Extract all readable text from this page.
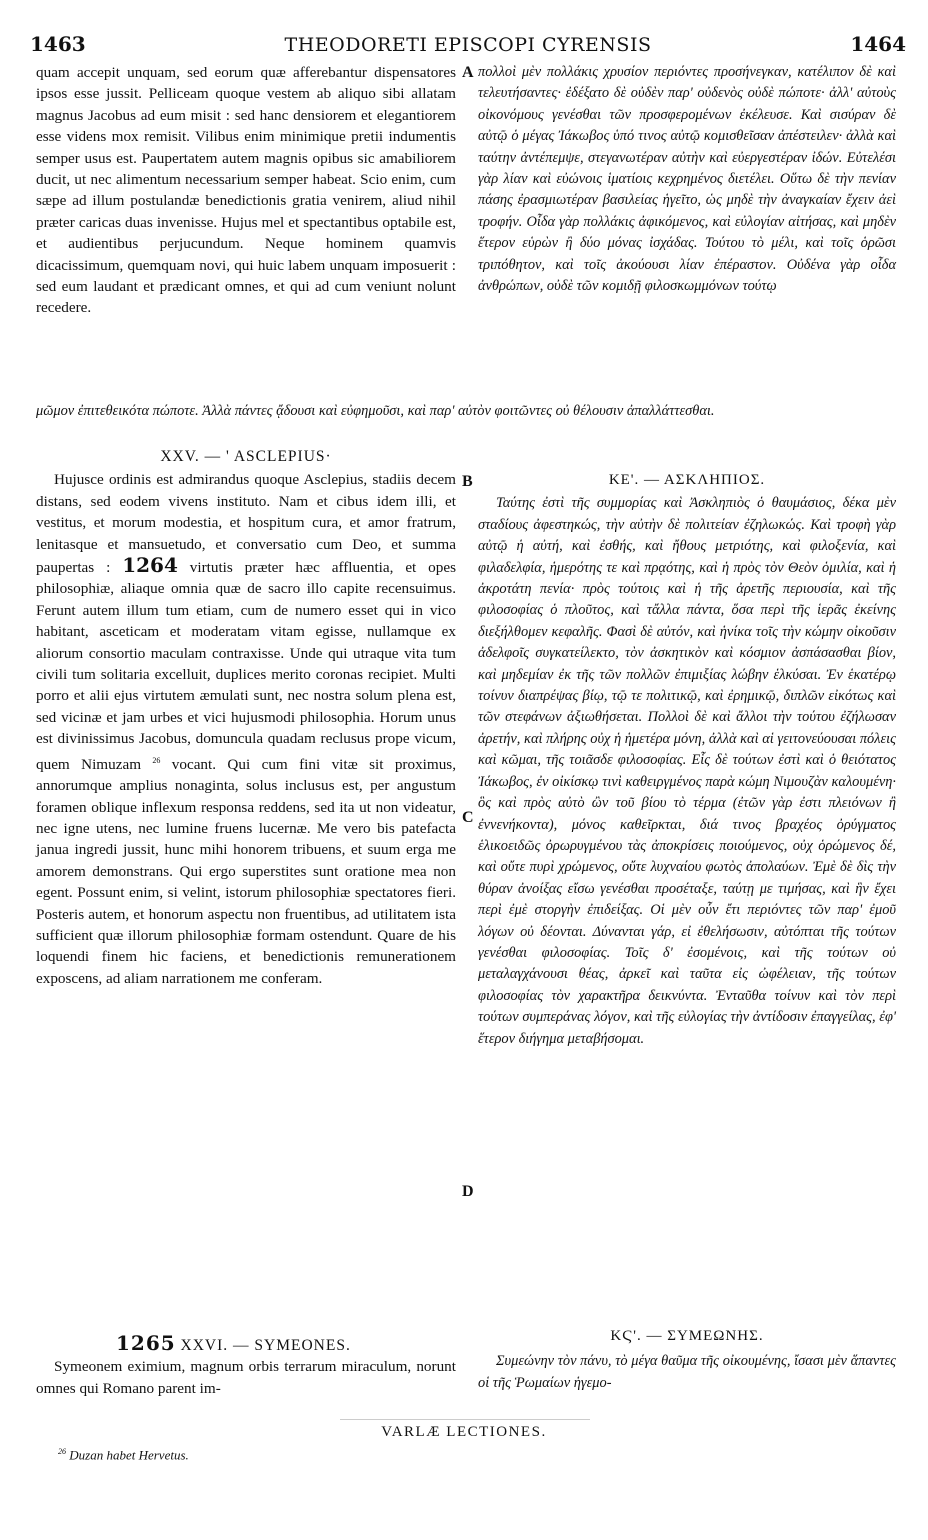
1463	THEODORETI EPISCOPI CYRENSIS	1464

quam accepit unquam, sed eorum quæ afferebantur dispensatores ipsos esse jussit. Pelliceam quoque vestem ab aliquo sibi allatam magnus Jacobus ad eum misit : sed hanc densiorem et elegantiorem esse videns mox remisit. Vilibus enim minimique pretii indumentis semper usus est. Paupertatem autem magnis opibus sic amabiliorem ducit, ut nec alimentum necessarium semper habeat. Scio enim, cum sæpe ad illum postulandæ benedictionis gratia venirem, aliud nihil præter caricas duas invenisse. Hujus mel et spectantibus optabile est, et audientibus perjucundum. Neque hominem quamvis dicacissimum, quemquam novi, qui huic labem unquam imposuerit : sed eum laudant et prædicant omnes, et qui ad cum veniunt nolunt recedere.

A πολλοὶ μὲν πολλάκις χρυσίον περιόντες προσήνεγκαν, κατέλιπον δὲ καὶ τελευτήσαντες· ἐδέξατο δὲ οὐδὲν παρ' οὐδενὸς οὐδὲ πώποτε· ἀλλ' αὐτοὺς οἰκονόμους γενέσθαι τῶν προσφερομένων ἐκέλευσε. Καὶ σισύραν δὲ αὐτῷ ὁ μέγας Ἰάκωβος ὑπό τινος αὐτῷ κομισθεῖσαν ἀπέστειλεν· ἀλλὰ καὶ ταύτην ἀντέπεμψε, στεγανωτέραν αὐτὴν καὶ εὐεργεστέραν ἰδών. Εὐτελέσι γὰρ λίαν καὶ εὐώνοις ἱματίοις κεχρημένος διετέλει. Οὕτω δὲ τὴν πενίαν πάσης ἐρασμιωτέραν βασιλείας ἡγεῖτο, ὡς μηδὲ τὴν ἀναγκαίαν ἔχειν ἀεὶ τροφήν. Οἶδα γὰρ πολλάκις ἀφικόμενος, καὶ εὐλογίαν αἰτήσας, καὶ μηδὲν ἕτερον εὑρὼν ἢ δύο μόνας ἰσχάδας. Τούτου τὸ μέλι, καὶ τοῖς ὁρῶσι τριπόθητον, καὶ τοῖς ἀκούουσι λίαν ἐπέραστον. Οὐδένα γὰρ οἶδα ἀνθρώπων, οὐδὲ τῶν κομιδῇ φιλοσκωμμόνων τούτῳ

μῶμον ἐπιτεθεικότα πώποτε. Ἀλλὰ πάντες ᾄδουσι καὶ εὐφημοῦσι, καὶ παρ' αὐτὸν φοιτῶντες οὐ θέλουσιν ἀπαλλάττεσθαι.
XXV. — ' ASCLEPIUS·

Hujusce ordinis est admirandus quoque Asclepius, stadiis decem distans, sed eodem vivens instituto. Nam et cibus idem illi, et vestitus, et morum modestia, et hospitum cura, et amor fratrum, lenitasque et mansuetudo, et conversatio cum Deo, et summa paupertas : 1264 virtutis præter hæc affluentia, et opes philosophiæ, aliaque omnia quæ de sacro illo capite recensuimus. Ferunt autem illum tum etiam, cum de numero esset qui in vico habitant, asceticam et moderatam vitam egisse, nullamque ex aliorum consortio maculam contraxisse. Unde qui utraque vita tum civili tum solitaria excelluit, duplices merito coronas recipiet. Multi porro et alii ejus virtutem æmulati sunt, nec nostra solum plena est, sed vicinæ et jam urbes et vici hujusmodi philosophia. Horum unus est divinissimus Jacobus, domuncula quadam reclusus prope vicum, quem Nimuzam $^{26}$ vocant. Qui cum fini vitæ sit proximus, annorumque amplius nonaginta, solus inclusus est, per angustum foramen oblique inflexum responsa reddens, sed ita ut non videatur, nec igne utens, nec lumine fruens lucernæ. Me vero bis patefacta janua ingredi jussit, hunc mihi honorem tribuens, et suum erga me amorem demonstrans. Qui ergo superstites sunt oratione mea non egent. Possunt enim, si velint, istorum philosophiæ spectatores fieri. Posteris autem, et honorum aspectu non fruentibus, ad utilitatem ista sufficient quæ illorum philosophiæ formam ostendunt. Quare de his loquendi finem hic faciens, et benedictionis remunerationem exposcens, ad aliam narrationem me conferam.

B
C
D
ΚΕ'. — ΑΣΚΛΗΠΙΟΣ.

Ταύτης ἐστὶ τῆς συμμορίας καὶ Ἀσκληπιὸς ὁ θαυμάσιος, δέκα μὲν σταδίους ἀφεστηκώς, τὴν αὐτὴν δὲ πολιτείαν ἐζηλωκώς. Καὶ τροφὴ γὰρ αὐτῷ ἡ αὐτή, καὶ ἐσθής, καὶ ἤθους μετριότης, καὶ φιλοξενία, καὶ φιλαδελφία, ἡμερότης τε καὶ πρᾳότης, καὶ ἡ πρὸς τὸν Θεὸν ὁμιλία, καὶ ἡ ἀκροτάτη πενία· πρὸς τούτοις καὶ ἡ τῆς ἀρετῆς περιουσία, καὶ τῆς φιλοσοφίας ὁ πλοῦτος, καὶ τἄλλα πάντα, ὅσα περὶ τῆς ἱερᾶς ἐκείνης διεξήλθομεν κεφαλῆς. Φασὶ δὲ αὐτόν, καὶ ἡνίκα τοῖς τὴν κώμην οἰκοῦσιν ἀδελφοῖς συγκατείλεκτο, τὸν ἀσκητικὸν καὶ κόσμιον ἀσπάσασθαι βίον, καὶ μηδεμίαν ἐκ τῆς τῶν πολλῶν ἐπιμιξίας λώβην ἑλκύσαι. Ἐν ἑκατέρῳ τοίνυν διαπρέψας βίῳ, τῷ τε πολιτικῷ, καὶ ἐρημικῷ, διπλῶν εἰκότως καὶ τῶν στεφάνων ἀξιωθήσεται. Πολλοὶ δὲ καὶ ἄλλοι τὴν τούτου ἐζήλωσαν ἀρετήν, καὶ πλήρης οὐχ ἡ ἡμετέρα μόνη, ἀλλὰ καὶ αἱ γειτονεύουσαι πόλεις καὶ κῶμαι, τῆς τοιᾶσδε φιλοσοφίας. Εἷς δὲ τούτων ἐστὶ καὶ ὁ θειότατος Ἰάκωβος, ἐν οἰκίσκῳ τινὶ καθειργμένος παρὰ κώμη Νιμουζὰν καλουμένη· ὃς καὶ πρὸς αὐτὸ ὢν τοῦ βίου τὸ τέρμα (ἐτῶν γὰρ ἐστι πλειόνων ἢ ἐννενήκοντα), μόνος καθεῖρκται, διά τινος βραχέος ὀρύγματος ἑλικοειδῶς ὀρωρυγμένου τὰς ἀποκρίσεις ποιούμενος, οὐχ ὁρώμενος δέ, καὶ οὔτε πυρὶ χρώμενος, οὔτε λυχναίου φωτὸς ἀπολαύων. Ἐμὲ δὲ δὶς τὴν θύραν ἀνοίξας εἴσω γενέσθαι προσέταξε, ταύτῃ με τιμήσας, καὶ ἣν ἔχει περὶ ἐμὲ στοργὴν ἐπιδείξας. Οἱ μὲν οὖν ἔτι περιόντες τῶν παρ' ἐμοῦ λόγων οὐ δέονται. Δύνανται γάρ, εἰ ἐθελήσωσιν, αὐτόπται τῆς τούτων γενέσθαι φιλοσοφίας. Τοῖς δ' ἐσομένοις, καὶ τῆς τούτων οὐ μεταλαγχάνουσι θέας, ἀρκεῖ καὶ ταῦτα εἰς ὠφέλειαν, τῆς τούτων φιλοσοφίας τὸν χαρακτῆρα δεικνύντα. Ἐνταῦθα τοίνυν καὶ τὸν περὶ τούτων συμπεράνας λόγον, καὶ τῆς εὐλογίας τὴν ἀντίδοσιν ἐπαγγείλας, ἐφ' ἕτερον διήγημα μεταβήσομαι.

1265 XXVI. — SYMEONES.

Symeonem eximium, magnum orbis terrarum miraculum, norunt omnes qui Romano parent im-

ΚϚ'. — ΣΥΜΕΩΝΗΣ.

Συμεώνην τὸν πάνυ, τὸ μέγα θαῦμα τῆς οἰκουμένης, ἴσασι μὲν ἅπαντες οἱ τῆς Ῥωμαίων ἡγεμο-

VARLÆ LECTIONES.
$^{26}$ Duzan habet Hervetus.
